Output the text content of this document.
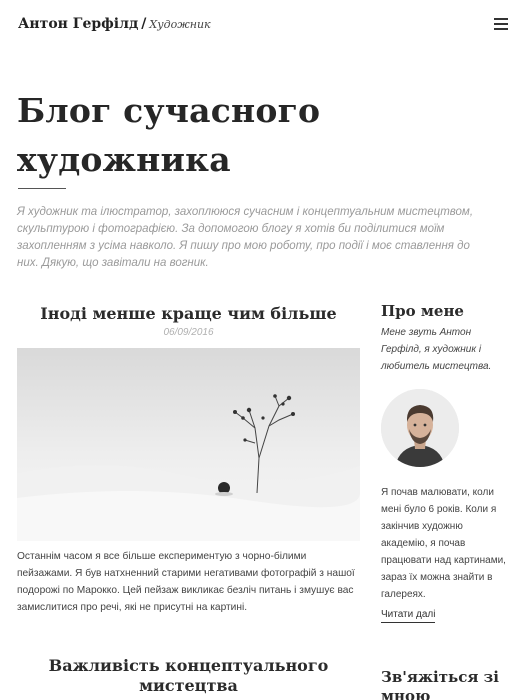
Антон Герфілд / Художник
Блог сучасного художника

Я художник та ілюстратор, захоплююся сучасним і концептуальним мистецтвом, скульптурою і фотографією. За допомогою блогу я хотів би поділитися моїм захопленням з усіма навколо. Я пишу про мою роботу, про події і моє ставлення до них. Дякую, що завітали на вогник.

Іноді менше краще чим більше
06/09/2016

Останнім часом я все більше експериментую з чорно-білими пейзажами. Я був натхненний старими негативами фотографій з нашої подорожі по Марокко. Цей пейзаж викликає безліч питань і змушує вас замислитися про речі, які не присутні на картині.

Важливість концептуального мистецтва
Про мене

Мене звуть Антон Герфілд, я художник і любитель мистецтва.

Я почав малювати, коли мені було 6 років. Коли я закінчив художню академію, я почав працювати над картинами, зараз їх можна знайти в галереях.

Читати далі
Зв'яжіться зі мною
